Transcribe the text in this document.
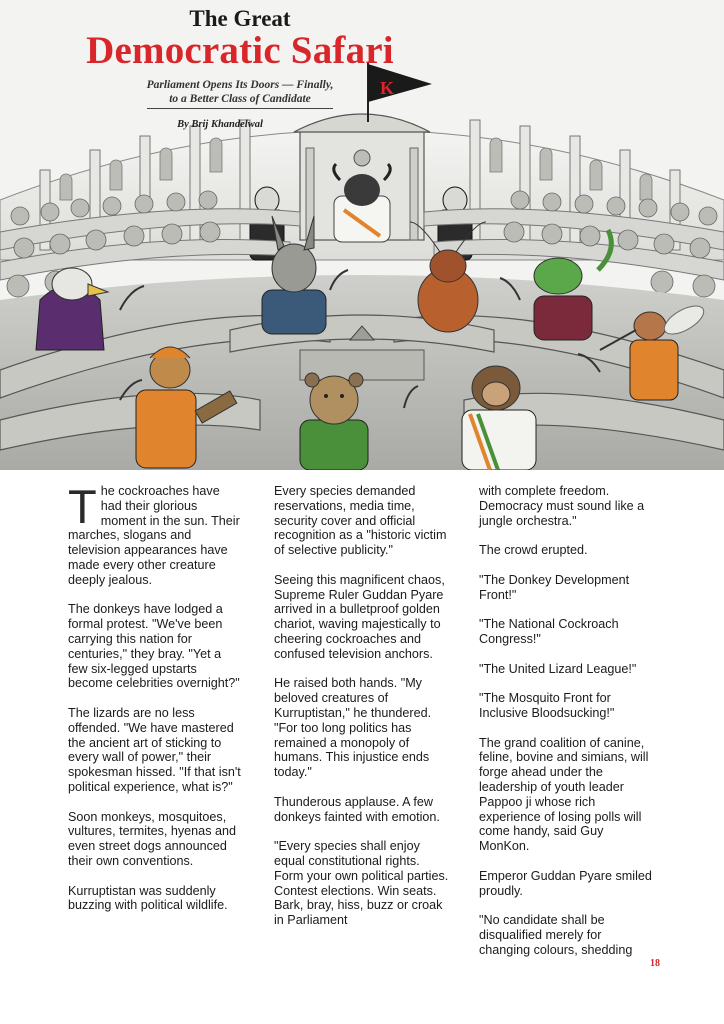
K
The Great
Democratic Safari
Parliament Opens Its Doors — Finally,
to a Better Class of Candidate
By Brij Khandelwal

The cockroaches have had their glorious moment in the sun. Their marches, slogans and television appearances have made every other creature deeply jealous.

The donkeys have lodged a formal protest. "We've been carrying this nation for centuries," they bray. "Yet a few six-legged upstarts become celebrities overnight?"

The lizards are no less offended. "We have mastered the ancient art of sticking to every wall of power," their spokesman hissed. "If that isn't political experience, what is?"

Soon monkeys, mosquitoes, vultures, termites, hyenas and even street dogs announced their own conventions.

Kurruptistan was suddenly buzzing with political wildlife.

Every species demanded reservations, media time, security cover and official recognition as a "historic victim of selective publicity."

Seeing this magnificent chaos, Supreme Ruler Guddan Pyare arrived in a bulletproof golden chariot, waving majestically to cheering cockroaches and confused television anchors.

He raised both hands. "My beloved creatures of Kurruptistan," he thundered. "For too long politics has remained a monopoly of humans. This injustice ends today."

Thunderous applause. A few donkeys fainted with emotion.

"Every species shall enjoy equal constitutional rights. Form your own political parties. Contest elections. Win seats. Bark, bray, hiss, buzz or croak in Parliament

with complete freedom. Democracy must sound like a jungle orchestra."

The crowd erupted.

"The Donkey Development Front!"

"The National Cockroach Congress!"

"The United Lizard League!"

"The Mosquito Front for Inclusive Bloodsucking!"

The grand coalition of canine, feline, bovine and simians, will forge ahead under the leadership of youth leader Pappoo ji whose rich experience of losing polls will come handy, said Guy MonKon.

Emperor Guddan Pyare smiled proudly.

"No candidate shall be disqualified merely for changing colours, shedding

18
